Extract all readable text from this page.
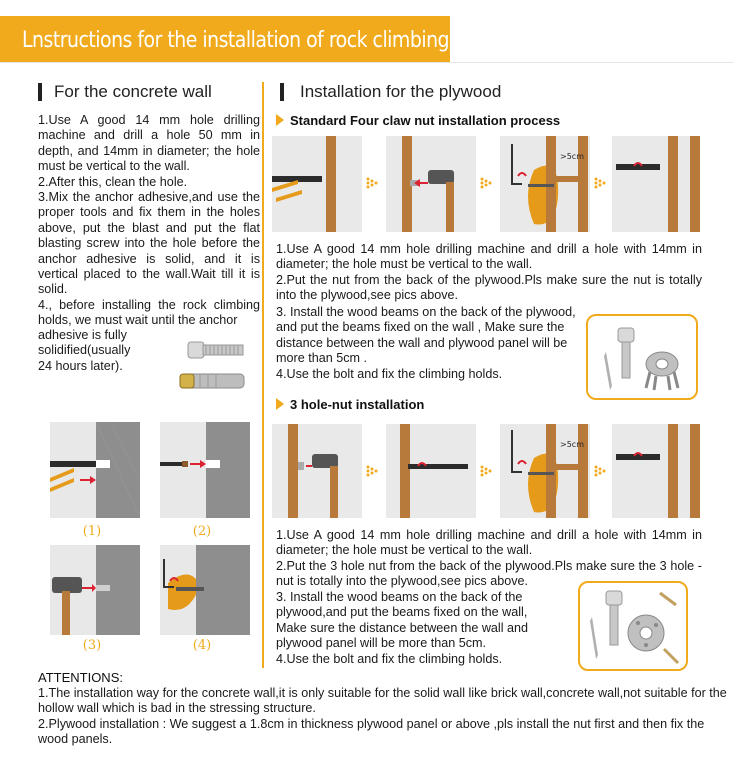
Lnstructions for the installation of rock climbing holds
For the concrete wall

1.Use A good 14 mm hole drilling machine and drill a hole 50 mm in depth, and 14mm in diameter; the hole must be vertical to the wall.

2.After this, clean the hole.

3.Mix the anchor adhesive,and use the proper tools and fix them in the holes above, put the blast and put the flat blasting screw into the hole before the anchor adhesive is solid, and it is vertical placed to the wall.Wait till it is solid.

4., before installing the rock climbing holds, we must wait until the anchor

adhesive is fully

solidified(usually

24 hours later).

(1)	(2)
(3)	(4)
Installation for the plywood
Standard Four claw nut installation process
>5cm

1.Use A good 14 mm hole drilling machine and drill a hole with 14mm in diameter; the hole must be vertical to the wall.

2.Put the nut from the back of the plywood.Pls make sure the nut is totally into the plywood,see pics above.

3. Install the wood beams on the back of the plywood,

and put the beams fixed on the wall , Make sure the

distance between the wall and plywood panel will be

more than 5cm .

4.Use the bolt and fix the climbing holds.

3 hole-nut installation
>5cm

1.Use A good 14 mm hole drilling machine and drill a hole with 14mm in diameter; the hole must be vertical to the wall.

2.Put the 3 hole nut from the back of the plywood.Pls make sure the 3 hole -nut is totally into the plywood,see pics above.

3. Install the wood beams on the back of the

plywood,and put the beams fixed on the wall,

Make sure the distance between the wall and

plywood panel will be more than 5cm.

4.Use the bolt and fix the climbing holds.
ATTENTIONS:

1.The installation way for the concrete wall,it is only suitable for the solid wall like brick wall,concrete wall,not suitable for the hollow wall which is bad in the stressing structure.

2.Plywood installation : We suggest a 1.8cm in thickness plywood panel or above ,pls install the nut first and then fix the wood panels.
